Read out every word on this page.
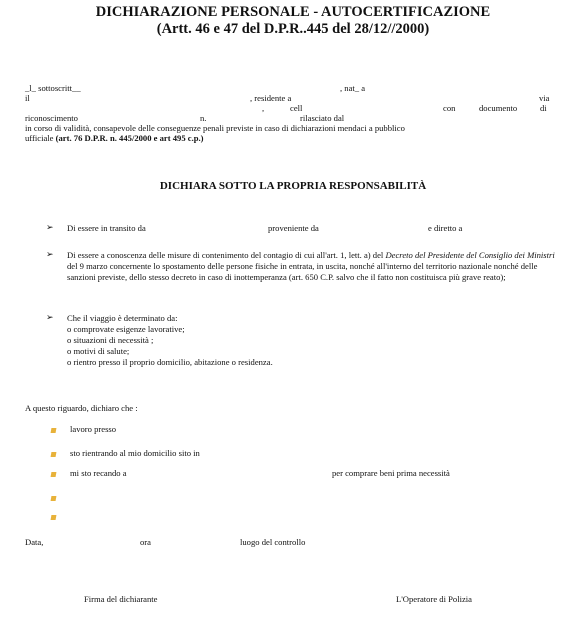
DICHIARAZIONE PERSONALE - AUTOCERTIFICAZIONE
(Artt. 46 e 47 del D.P.R..445 del 28/12//2000)
_l_ sottoscritt__	, nat_ a
il	, residente a	via
,	cell	con	documento	di
riconoscimento	n.	rilasciato dal
in corso di validità, consapevole delle conseguenze penali previste in caso di dichiarazioni mendaci a pubblico
ufficiale (art. 76 D.P.R. n. 445/2000 e art 495 c.p.)
DICHIARA SOTTO LA PROPRIA RESPONSABILITÀ
➢ Di essere in transito da	proveniente da	e diretto a
➢ Di essere a conoscenza delle misure di contenimento del contagio di cui all'art. 1, lett. a) del Decreto del Presidente del Consiglio dei Ministri del 9 marzo concernente lo spostamento delle persone fisiche in entrata, in uscita, nonché all'interno del territorio nazionale nonché delle sanzioni previste, dello stesso decreto in caso di inottemperanza (art. 650 C.P. salvo che il fatto non costituisca più grave reato);
➢ Che il viaggio è determinato da:
o comprovate esigenze lavorative;
o situazioni di necessità ;
o motivi di salute;
o rientro presso il proprio domicilio, abitazione o residenza.
A questo riguardo, dichiaro che :
lavoro presso
sto rientrando al mio domicilio sito in
mi sto recando a	per comprare beni prima necessità
Data,	ora	luogo del controllo
Firma del dichiarante	L'Operatore di Polizia
